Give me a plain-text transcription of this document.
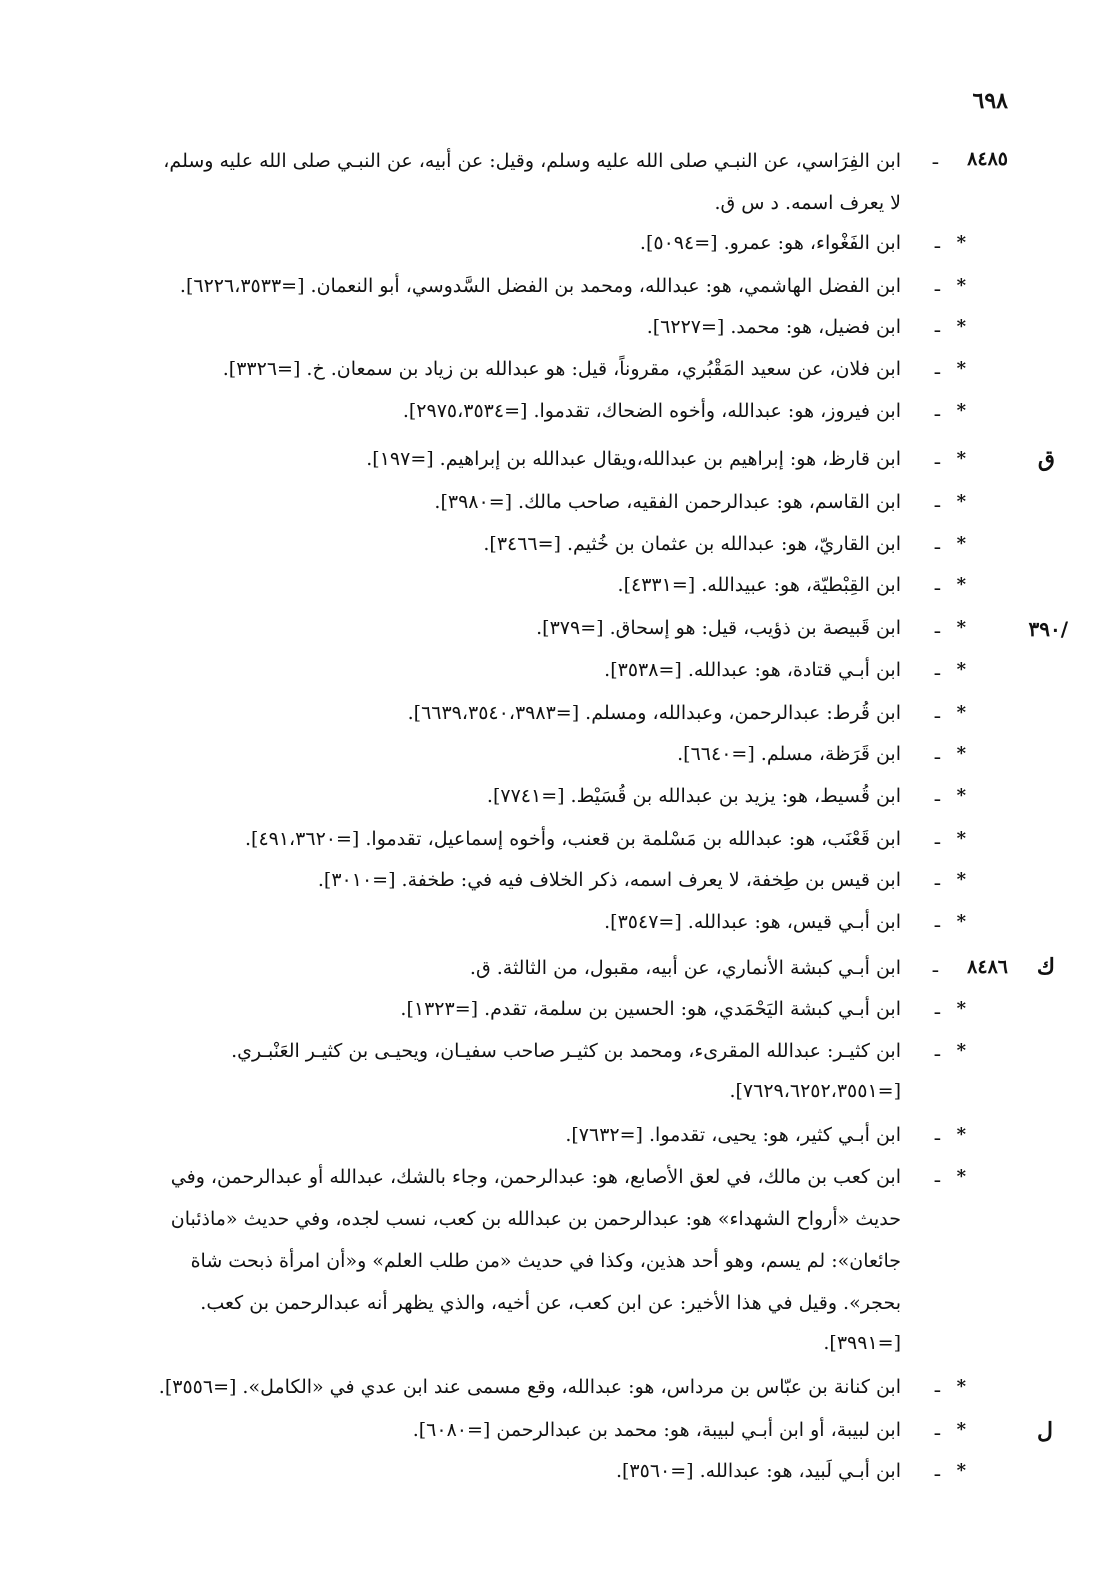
٦٩٨
٨٤٨٥
ـ
ابن الفِرَاسي، عن النبـي صلى الله عليه وسلم، وقيل: عن أبيه، عن النبـي صلى الله عليه وسلم،
لا يعرف اسمه. د س ق.
*
ـ
ابن الفَغْواء، هو: عمرو. [=٥٠٩٤].
*
ـ
ابن الفضل الهاشمي، هو: عبدالله، ومحمد بن الفضل السَّدوسي، أبو النعمان. [=٦٢٢٦،٣٥٣٣].
*
ـ
ابن فضيل، هو: محمد. [=٦٢٢٧].
*
ـ
ابن فلان، عن سعيد المَقْبُري، مقروناً، قيل: هو عبدالله بن زياد بن سمعان. خ. [=٣٣٢٦].
*
ـ
ابن فيروز، هو: عبدالله، وأخوه الضحاك، تقدموا. [=٢٩٧٥،٣٥٣٤].
ق
*
ـ
ابن قارظ، هو: إبراهيم بن عبدالله،ويقال عبدالله بن إبراهيم. [=١٩٧].
*
ـ
ابن القاسم، هو: عبدالرحمن الفقيه، صاحب مالك. [=٣٩٨٠].
*
ـ
ابن القاريّ، هو: عبدالله بن عثمان بن خُثيم. [=٣٤٦٦].
*
ـ
ابن القِبْطيّة، هو: عبيدالله. [=٤٣٣١].
/٣٩٠
*
ـ
ابن قَبيصة بن ذؤيب، قيل: هو إسحاق. [=٣٧٩].
*
ـ
ابن أبـي قتادة، هو: عبدالله. [=٣٥٣٨].
*
ـ
ابن قُرط: عبدالرحمن، وعبدالله، ومسلم. [=٦٦٣٩،٣٥٤٠،٣٩٨٣].
*
ـ
ابن قَرَظة، مسلم. [=٦٦٤٠].
*
ـ
ابن قُسيط، هو: يزيد بن عبدالله بن قُسَيْط. [=٧٧٤١].
*
ـ
ابن قَعْنَب، هو: عبدالله بن مَسْلمة بن قعنب، وأخوه إسماعيل، تقدموا. [=٤٩١،٣٦٢٠].
*
ـ
ابن قيس بن طِخفة، لا يعرف اسمه، ذكر الخلاف فيه في: طخفة. [=٣٠١٠].
*
ـ
ابن أبـي قيس، هو: عبدالله. [=٣٥٤٧].
ك
٨٤٨٦
ـ
ابن أبـي كبشة الأنماري، عن أبيه، مقبول، من الثالثة. ق.
*
ـ
ابن أبـي كبشة اليَحْمَدي، هو: الحسين بن سلمة، تقدم. [=١٣٢٣].
*
ـ
ابن كثيـر: عبدالله المقرىء، ومحمد بن كثيـر صاحب سفيـان، ويحيـى بن كثيـر العَنْبـري.
[=٧٦٢٩،٦٢٥٢،٣٥٥١].
*
ـ
ابن أبـي كثير، هو: يحيى، تقدموا. [=٧٦٣٢].
*
ـ
ابن كعب بن مالك، في لعق الأصابع، هو: عبدالرحمن، وجاء بالشك، عبدالله أو عبدالرحمن، وفي
حديث «أرواح الشهداء» هو: عبدالرحمن بن عبدالله بن كعب، نسب لجده، وفي حديث «ماذئبان
جائعان»: لم يسم، وهو أحد هذين، وكذا في حديث «من طلب العلم» و«أن امرأة ذبحت شاة
بحجر». وقيل في هذا الأخير: عن ابن كعب، عن أخيه، والذي يظهر أنه عبدالرحمن بن كعب.
[=٣٩٩١].
*
ـ
ابن كنانة بن عبّاس بن مرداس، هو: عبدالله، وقع مسمى عند ابن عدي في «الكامل». [=٣٥٥٦].
ل
*
ـ
ابن لبيبة، أو ابن أبـي لبيبة، هو: محمد بن عبدالرحمن [=٦٠٨٠].
*
ـ
ابن أبـي لَبيد، هو: عبدالله. [=٣٥٦٠].
